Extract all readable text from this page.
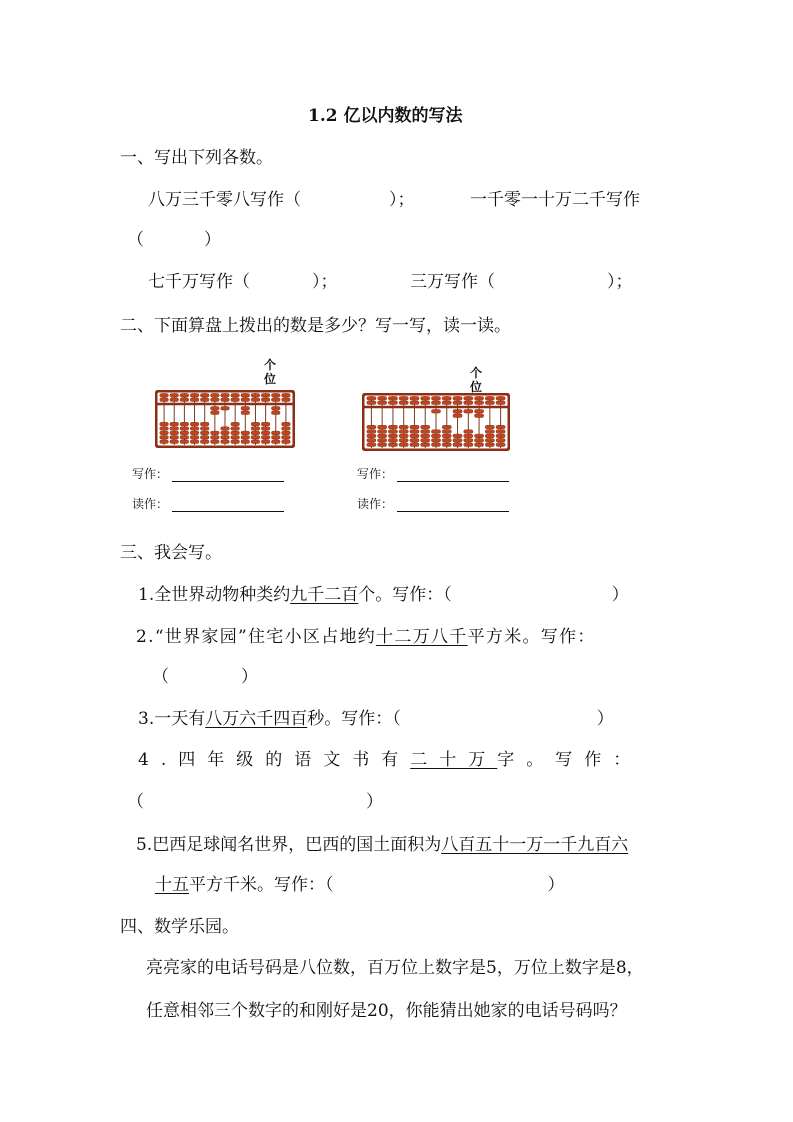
1.2 亿以内数的写法
一、写出下列各数。
八万三千零八写作（	）；	一千零一十万二千写作
（	）
七千万写作（	）；	三万写作（	）；
二、下面算盘上拨出的数是多少？写一写，读一读。
个
位	个
位
写作：
读作：
写作：
读作：
三、我会写。
1.全世界动物种类约九千二百个。写作：（	）
2.“世界家园”住宅小区占地约十二万八千平方米。写作：
（	）
3.一天有八万六千四百秒。写作：（	）
4.四年级的语文书有二十万字。写作：
（	）
5.巴西足球闻名世界，巴西的国土面积为八百五十一万一千九百六
十五平方千米。写作：（	）
四、数学乐园。
亮亮家的电话号码是八位数，百万位上数字是5，万位上数字是8，
任意相邻三个数字的和刚好是20，你能猜出她家的电话号码吗？
